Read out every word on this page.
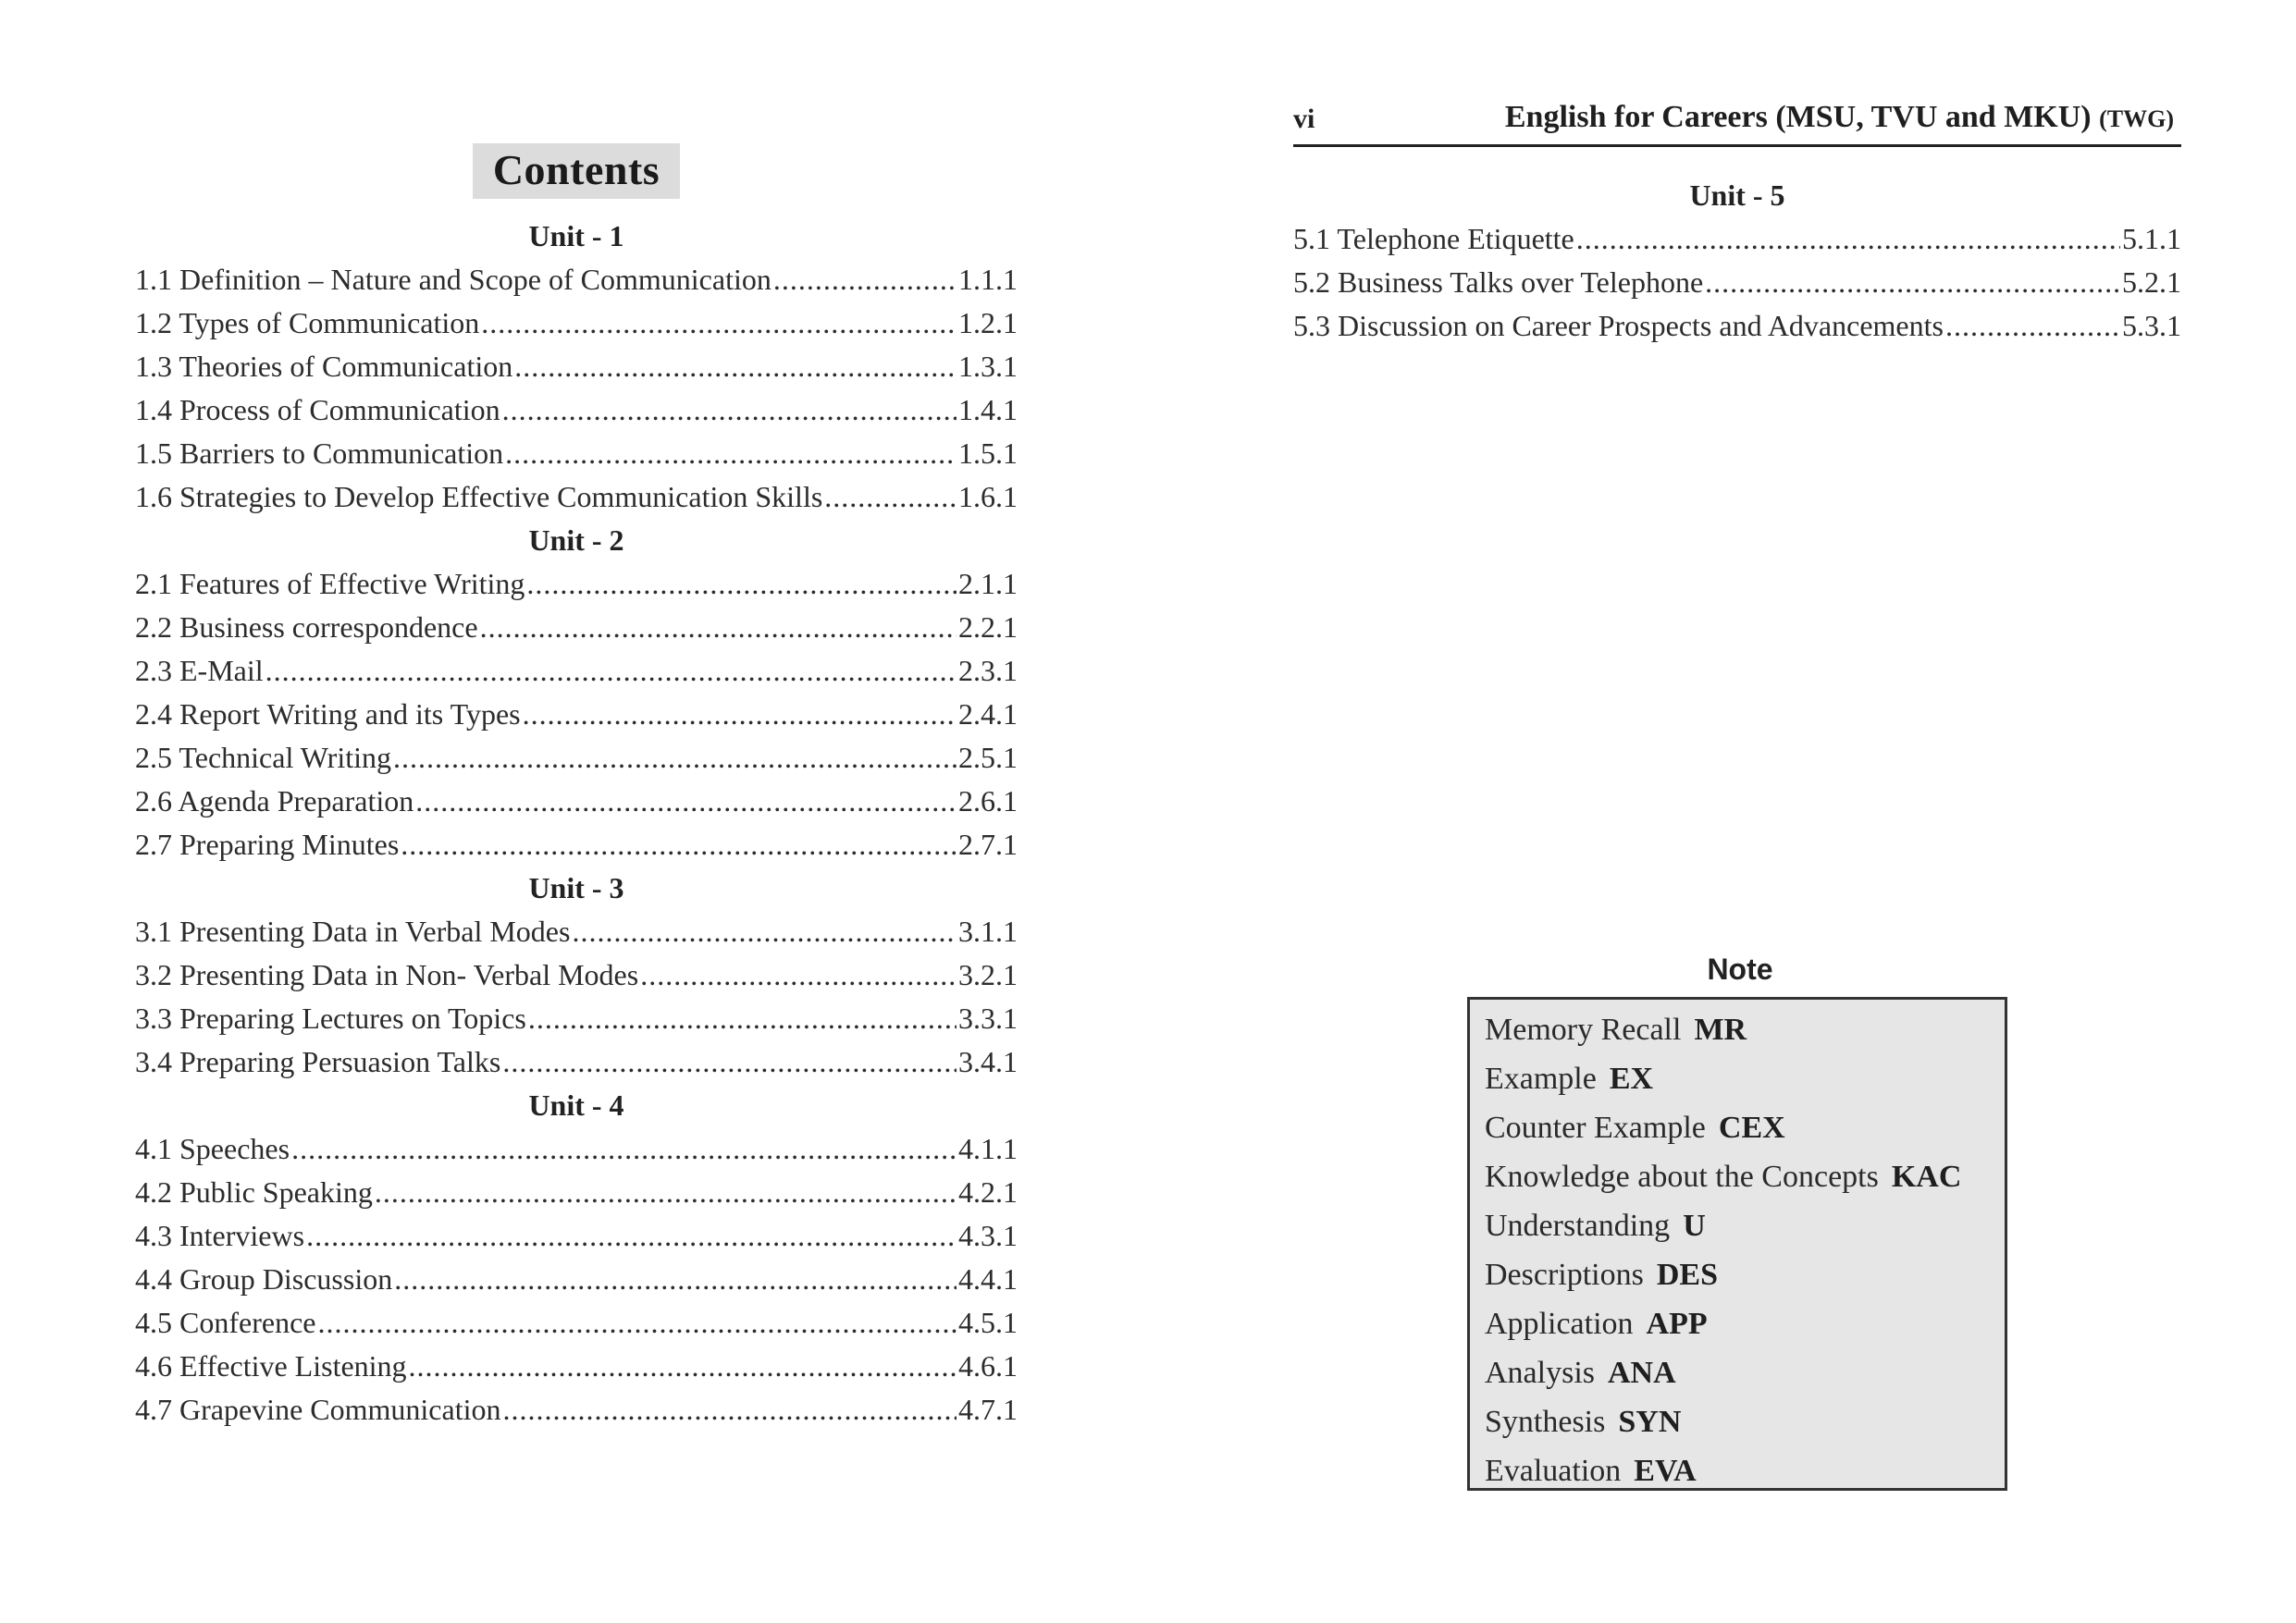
Contents
Unit - 1
1.1 Definition – Nature and Scope of Communication .....	1.1.1
1.2 Types of Communication .....	1.2.1
1.3 Theories of Communication .....	1.3.1
1.4 Process of Communication .....	1.4.1
1.5 Barriers to Communication .....	1.5.1
1.6 Strategies to Develop Effective Communication Skills .....	1.6.1
Unit - 2
2.1 Features of Effective Writing .....	2.1.1
2.2 Business correspondence .....	2.2.1
2.3 E-Mail .....	2.3.1
2.4 Report Writing and its Types .....	2.4.1
2.5 Technical Writing .....	2.5.1
2.6 Agenda Preparation .....	2.6.1
2.7 Preparing Minutes .....	2.7.1
Unit - 3
3.1 Presenting Data in Verbal Modes .....	3.1.1
3.2 Presenting Data in Non- Verbal Modes .....	3.2.1
3.3 Preparing Lectures on Topics .....	3.3.1
3.4 Preparing Persuasion Talks .....	3.4.1
Unit - 4
4.1 Speeches .....	4.1.1
4.2 Public Speaking .....	4.2.1
4.3 Interviews .....	4.3.1
4.4 Group Discussion .....	4.4.1
4.5 Conference .....	4.5.1
4.6 Effective Listening .....	4.6.1
4.7 Grapevine Communication .....	4.7.1
vi	English for Careers (MSU, TVU and MKU) (TWG)
Unit - 5
5.1 Telephone Etiquette .....	5.1.1
5.2 Business Talks over Telephone .....	5.2.1
5.3 Discussion on Career Prospects and Advancements .....	5.3.1
Note
Memory Recall MR
Example EX
Counter Example CEX
Knowledge about the Concepts KAC
Understanding U
Descriptions DES
Application APP
Analysis ANA
Synthesis SYN
Evaluation EVA
